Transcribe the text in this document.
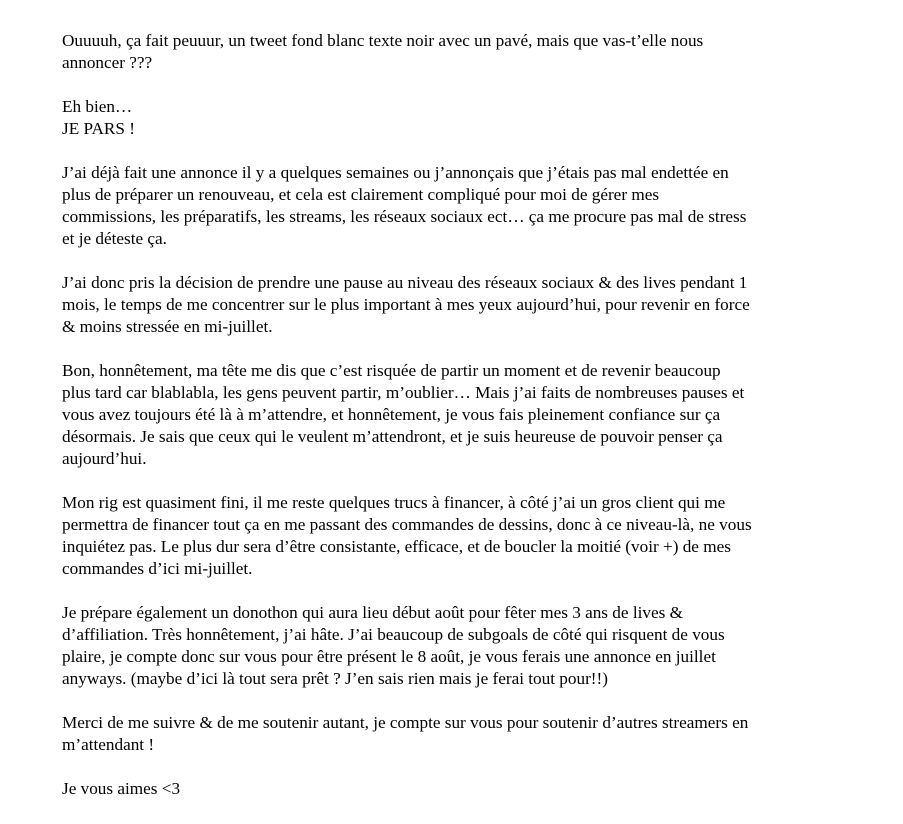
Ouuuuh, ça fait peuuur, un tweet fond blanc texte noir avec un pavé, mais que vas-t’elle nous
annoncer ???

Eh bien…
JE PARS !

J’ai déjà fait une annonce il y a quelques semaines ou j’annonçais que j’étais pas mal endettée en
plus de préparer un renouveau, et cela est clairement compliqué pour moi de gérer mes
commissions, les préparatifs, les streams, les réseaux sociaux ect… ça me procure pas mal de stress
et je déteste ça.

J’ai donc pris la décision de prendre une pause au niveau des réseaux sociaux & des lives pendant 1
mois, le temps de me concentrer sur le plus important à mes yeux aujourd’hui, pour revenir en force
& moins stressée en mi-juillet.

Bon, honnêtement, ma tête me dis que c’est risquée de partir un moment et de revenir beaucoup
plus tard car blablabla, les gens peuvent partir, m’oublier… Mais j’ai faits de nombreuses pauses et
vous avez toujours été là à m’attendre, et honnêtement, je vous fais pleinement confiance sur ça
désormais. Je sais que ceux qui le veulent m’attendront, et je suis heureuse de pouvoir penser ça
aujourd’hui.

Mon rig est quasiment fini, il me reste quelques trucs à financer, à côté j’ai un gros client qui me
permettra de financer tout ça en me passant des commandes de dessins, donc à ce niveau-là, ne vous
inquiétez pas. Le plus dur sera d’être consistante, efficace, et de boucler la moitié (voir +) de mes
commandes d’ici mi-juillet.

Je prépare également un donothon qui aura lieu début août pour fêter mes 3 ans de lives &
d’affiliation. Très honnêtement, j’ai hâte. J’ai beaucoup de subgoals de côté qui risquent de vous
plaire, je compte donc sur vous pour être présent le 8 août, je vous ferais une annonce en juillet
anyways. (maybe d’ici là tout sera prêt ? J’en sais rien mais je ferai tout pour!!)

Merci de me suivre & de me soutenir autant, je compte sur vous pour soutenir d’autres streamers en
m’attendant !

Je vous aimes <3
